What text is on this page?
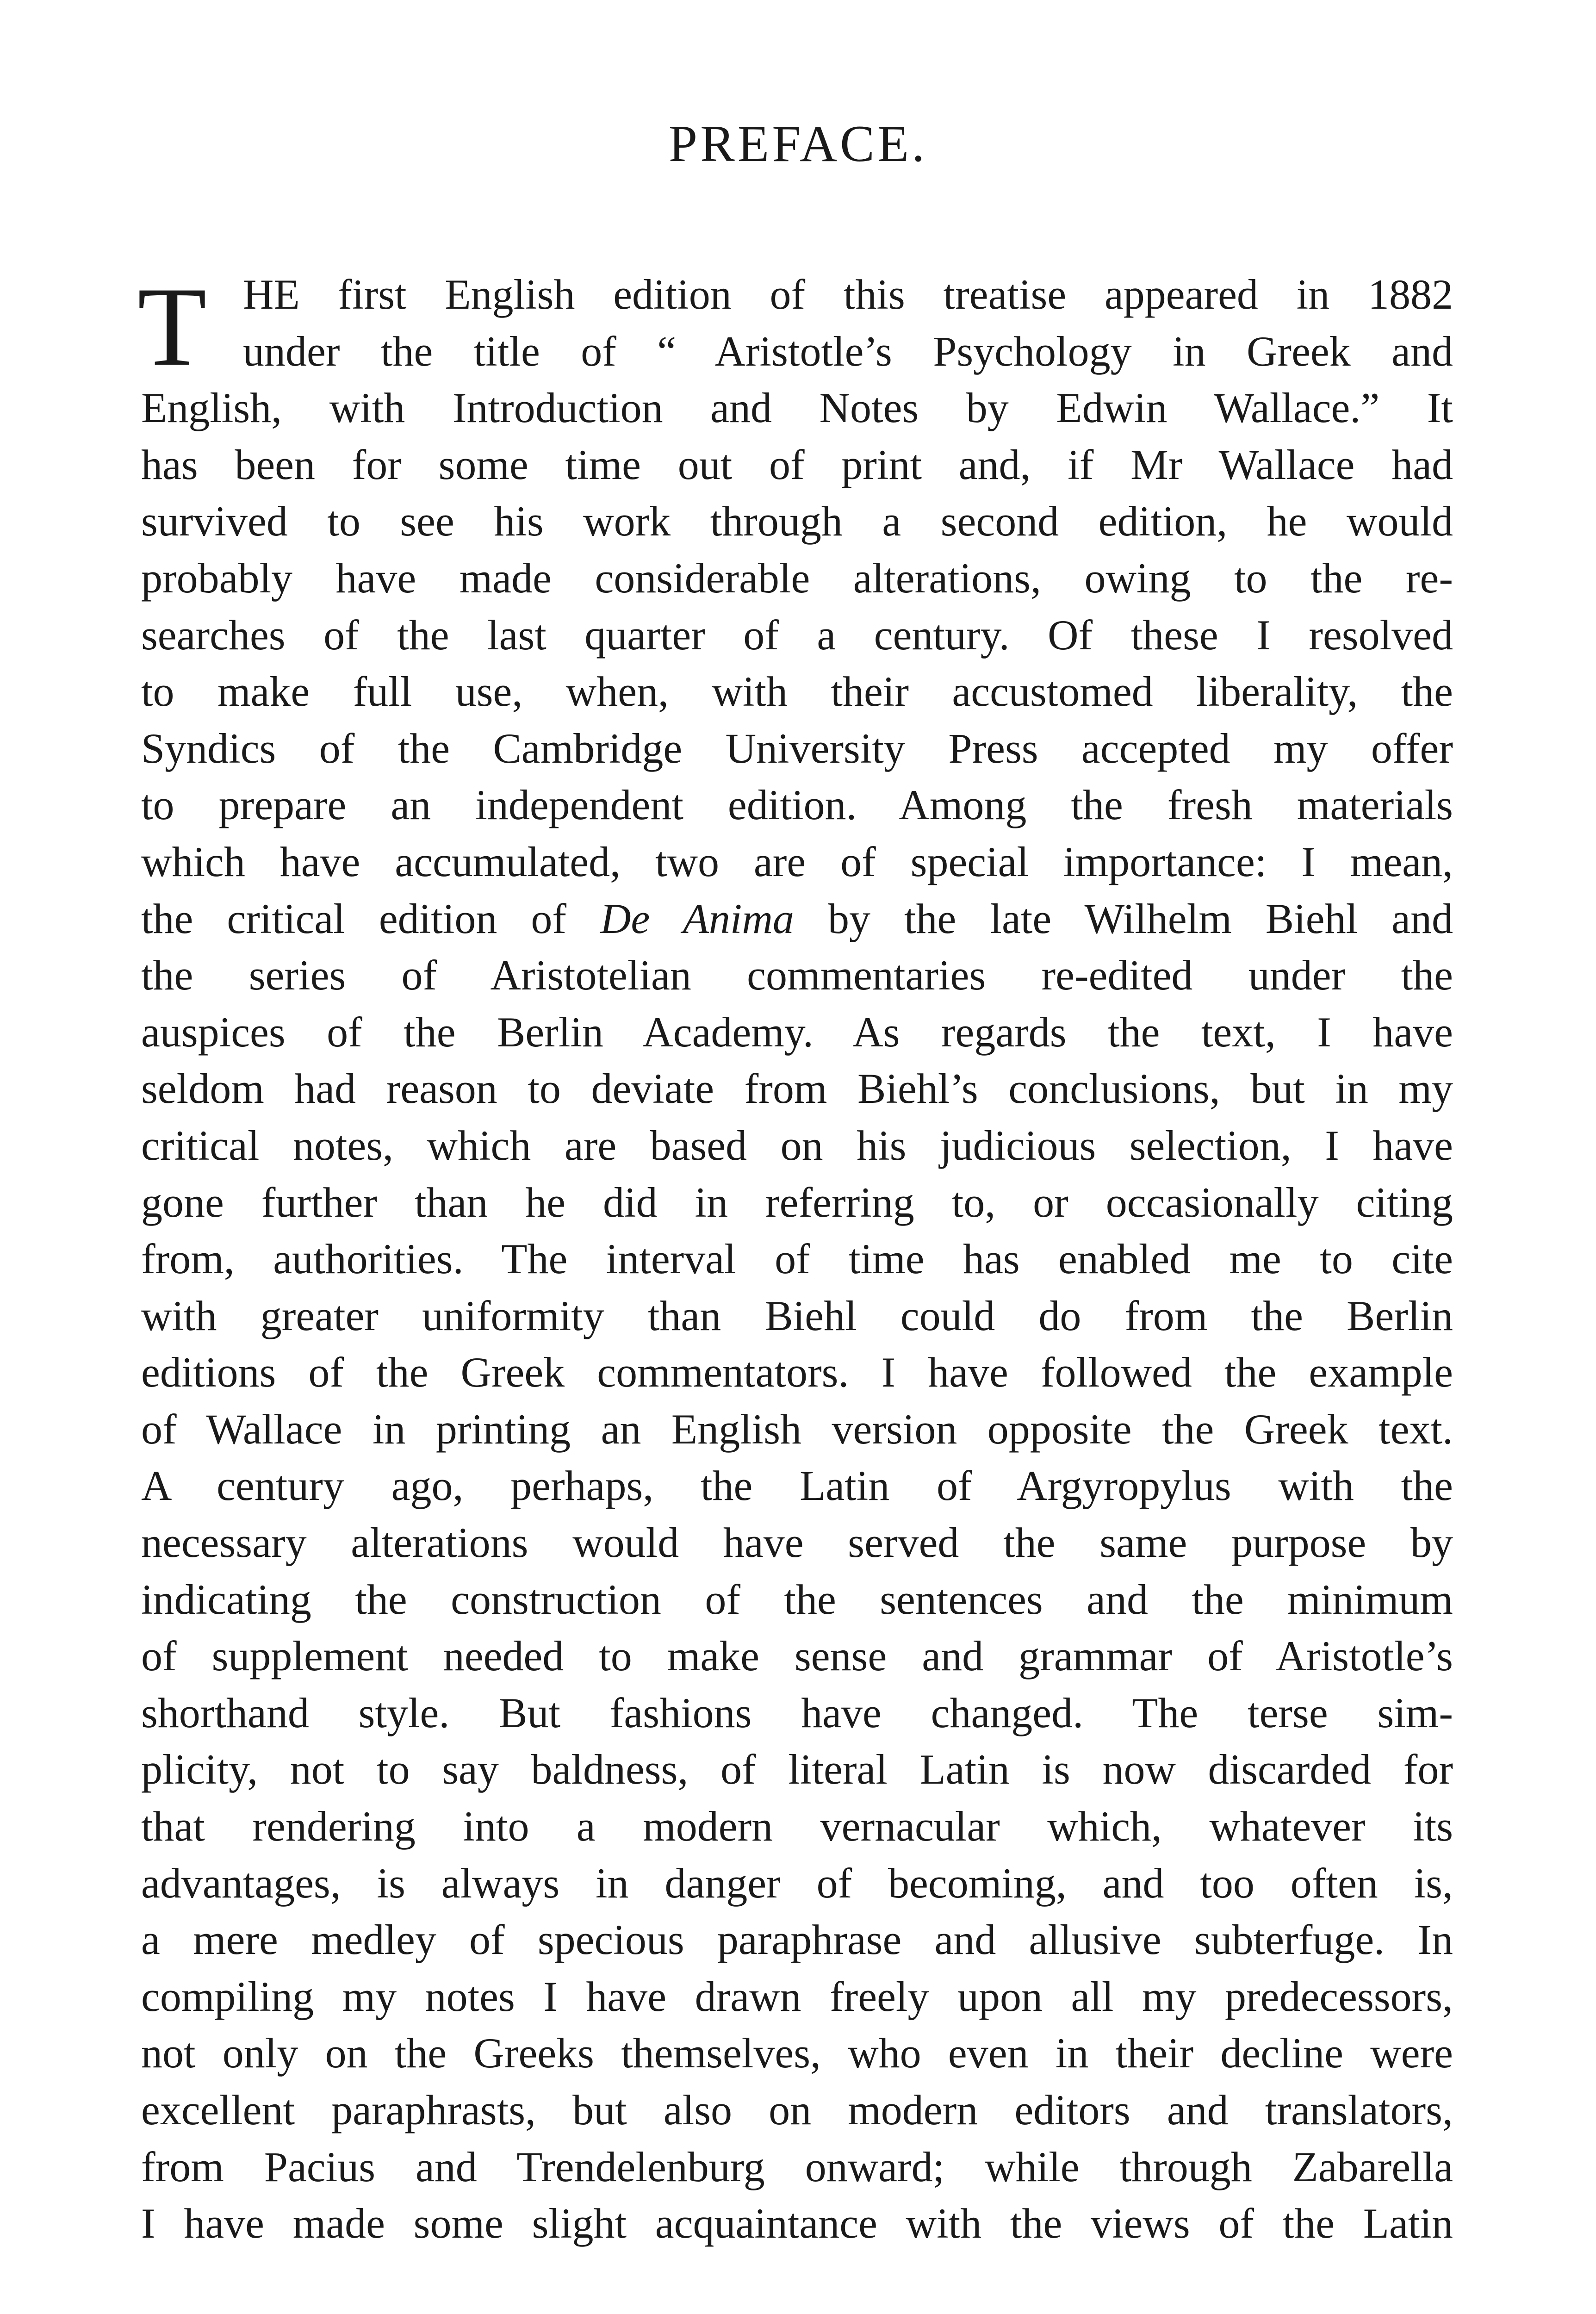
PREFACE.
T HE first English edition of this treatise appeared in 1882
under the title of “ Aristotle’s Psychology in Greek and
English, with Introduction and Notes by Edwin Wallace.” It
has been for some time out of print and, if Mr Wallace had
survived to see his work through a second edition, he would
probably have made considerable alterations, owing to the re-
searches of the last quarter of a century. Of these I resolved
to make full use, when, with their accustomed liberality, the
Syndics of the Cambridge University Press accepted my offer
to prepare an independent edition. Among the fresh materials
which have accumulated, two are of special importance: I mean,
the critical edition of De Anima by the late Wilhelm Biehl and
the series of Aristotelian commentaries re-edited under the
auspices of the Berlin Academy. As regards the text, I have
seldom had reason to deviate from Biehl’s conclusions, but in my
critical notes, which are based on his judicious selection, I have
gone further than he did in referring to, or occasionally citing
from, authorities. The interval of time has enabled me to cite
with greater uniformity than Biehl could do from the Berlin
editions of the Greek commentators. I have followed the example
of Wallace in printing an English version opposite the Greek text.
A century ago, perhaps, the Latin of Argyropylus with the
necessary alterations would have served the same purpose by
indicating the construction of the sentences and the minimum
of supplement needed to make sense and grammar of Aristotle’s
shorthand style. But fashions have changed. The terse sim-
plicity, not to say baldness, of literal Latin is now discarded for
that rendering into a modern vernacular which, whatever its
advantages, is always in danger of becoming, and too often is,
a mere medley of specious paraphrase and allusive subterfuge. In
compiling my notes I have drawn freely upon all my predecessors,
not only on the Greeks themselves, who even in their decline were
excellent paraphrasts, but also on modern editors and translators,
from Pacius and Trendelenburg onward; while through Zabarella
I have made some slight acquaintance with the views of the Latin
